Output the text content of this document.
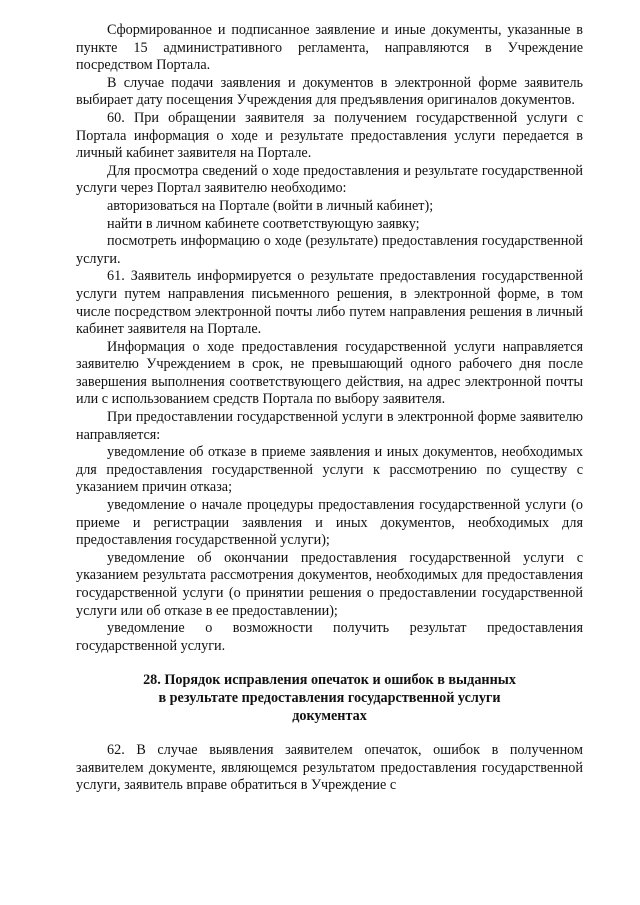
Сформированное и подписанное заявление и иные документы, указанные в пункте 15 административного регламента, направляются в Учреждение посредством Портала.

В случае подачи заявления и документов в электронной форме заявитель выбирает дату посещения Учреждения для предъявления оригиналов документов.

60. При обращении заявителя за получением государственной услуги с Портала информация о ходе и результате предоставления услуги передается в личный кабинет заявителя на Портале.

Для просмотра сведений о ходе предоставления и результате государственной услуги через Портал заявителю необходимо:

авторизоваться на Портале (войти в личный кабинет);

найти в личном кабинете соответствующую заявку;

посмотреть информацию о ходе (результате) предоставления государственной услуги.

61. Заявитель информируется о результате предоставления государственной услуги путем направления письменного решения, в электронной форме, в том числе посредством электронной почты либо путем направления решения в личный кабинет заявителя на Портале.

Информация о ходе предоставления государственной услуги направляется заявителю Учреждением в срок, не превышающий одного рабочего дня после завершения выполнения соответствующего действия, на адрес электронной почты или с использованием средств Портала по выбору заявителя.

При предоставлении государственной услуги в электронной форме заявителю направляется:

уведомление об отказе в приеме заявления и иных документов, необходимых для предоставления государственной услуги к рассмотрению по существу с указанием причин отказа;

уведомление о начале процедуры предоставления государственной услуги (о приеме и регистрации заявления и иных документов, необходимых для предоставления государственной услуги);

уведомление об окончании предоставления государственной услуги с указанием результата рассмотрения документов, необходимых для предоставления государственной услуги (о принятии решения о предоставлении государственной услуги или об отказе в ее предоставлении);

уведомление о возможности получить результат предоставления государственной услуги.

28. Порядок исправления опечаток и ошибок в выданных
в результате предоставления государственной услуги
документах

62. В случае выявления заявителем опечаток, ошибок в полученном заявителем документе, являющемся результатом предоставления государственной услуги, заявитель вправе обратиться в Учреждение с
